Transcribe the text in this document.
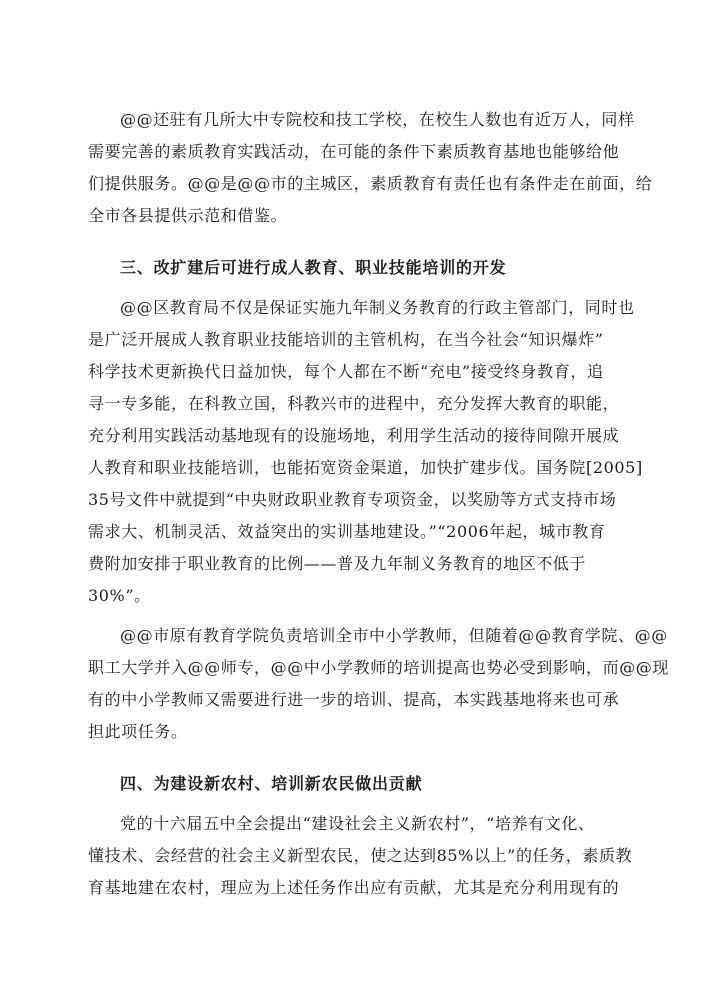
@@还驻有几所大中专院校和技工学校，在校生人数也有近万人，同样
需要完善的素质教育实践活动，在可能的条件下素质教育基地也能够给他
们提供服务。@@是@@市的主城区，素质教育有责任也有条件走在前面，给
全市各县提供示范和借鉴。
三、改扩建后可进行成人教育、职业技能培训的开发
@@区教育局不仅是保证实施九年制义务教育的行政主管部门，同时也
是广泛开展成人教育职业技能培训的主管机构，在当今社会“知识爆炸”
科学技术更新换代日益加快，每个人都在不断“充电”接受终身教育，追
寻一专多能，在科教立国，科教兴市的进程中，充分发挥大教育的职能，
充分利用实践活动基地现有的设施场地，利用学生活动的接待间隙开展成
人教育和职业技能培训，也能拓宽资金渠道，加快扩建步伐。国务院[2005]
35号文件中就提到“中央财政职业教育专项资金，以奖励等方式支持市场
需求大、机制灵活、效益突出的实训基地建设。”“2006年起，城市教育
费附加安排于职业教育的比例——普及九年制义务教育的地区不低于
30%”。
@@市原有教育学院负责培训全市中小学教师，但随着@@教育学院、@@
职工大学并入@@师专，@@中小学教师的培训提高也势必受到影响，而@@现
有的中小学教师又需要进行进一步的培训、提高，本实践基地将来也可承
担此项任务。
四、为建设新农村、培训新农民做出贡献
党的十六届五中全会提出“建设社会主义新农村”，“培养有文化、
懂技术、会经营的社会主义新型农民，使之达到85%以上”的任务，素质教
育基地建在农村，理应为上述任务作出应有贡献，尤其是充分利用现有的
